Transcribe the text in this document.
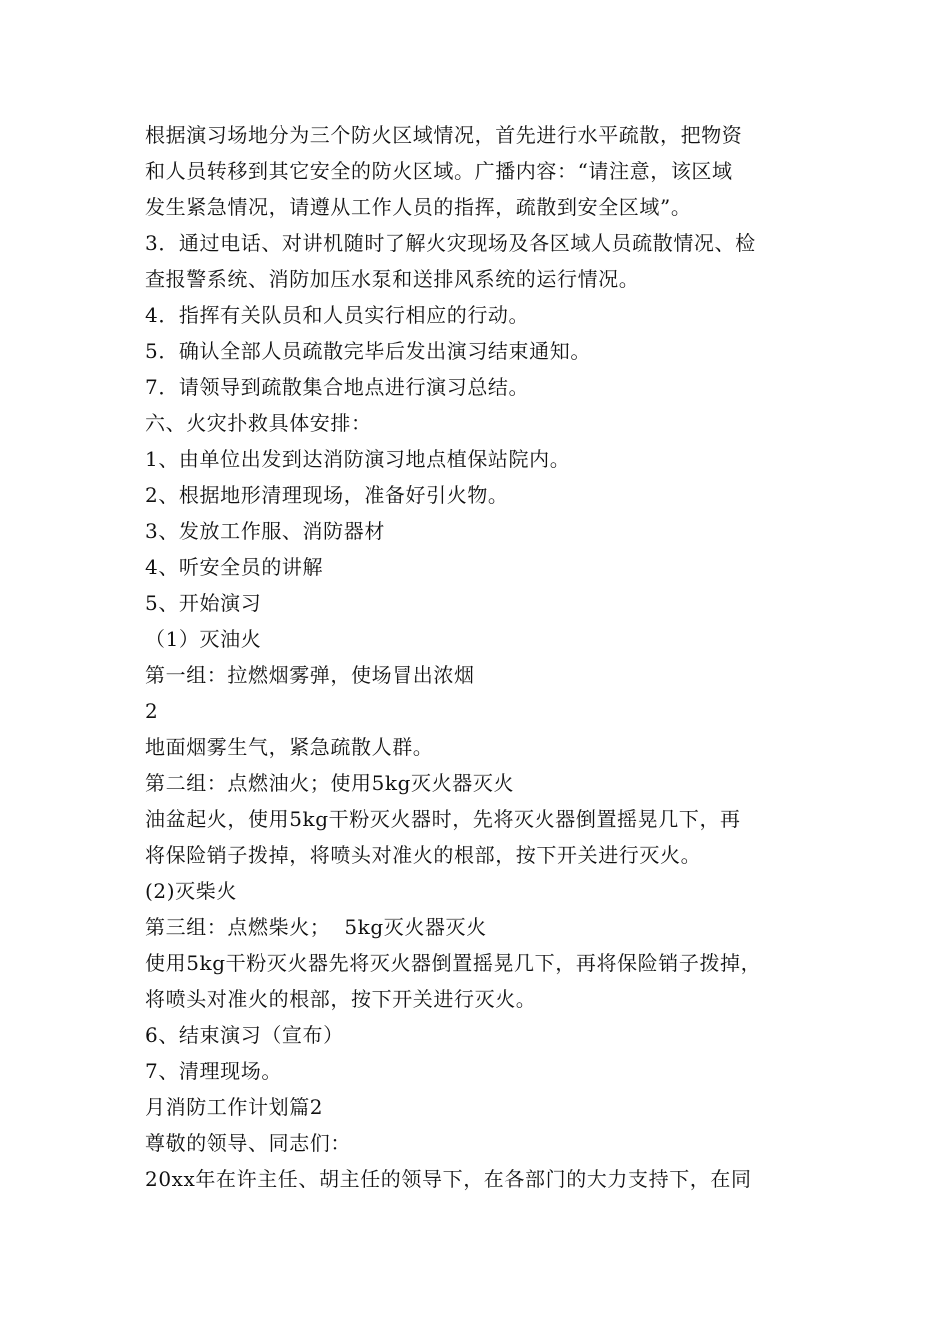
根据演习场地分为三个防火区域情况，首先进行水平疏散，把物资
和人员转移到其它安全的防火区域。广播内容：“请注意，该区域
发生紧急情况，请遵从工作人员的指挥，疏散到安全区域”。
3．通过电话、对讲机随时了解火灾现场及各区域人员疏散情况、检
查报警系统、消防加压水泵和送排风系统的运行情况。
4．指挥有关队员和人员实行相应的行动。
5．确认全部人员疏散完毕后发出演习结束通知。
7．请领导到疏散集合地点进行演习总结。
六、火灾扑救具体安排：
1、由单位出发到达消防演习地点植保站院内。
2、根据地形清理现场，准备好引火物。
3、发放工作服、消防器材
4、听安全员的讲解
5、开始演习
（1）灭油火
第一组：拉燃烟雾弹，使场冒出浓烟
2
地面烟雾生气，紧急疏散人群。
第二组：点燃油火；使用5kg灭火器灭火
油盆起火，使用5kg干粉灭火器时，先将灭火器倒置摇晃几下，再
将保险销子拨掉，将喷头对准火的根部，按下开关进行灭火。
(2)灭柴火
第三组：点燃柴火；  5kg灭火器灭火
使用5kg干粉灭火器先将灭火器倒置摇晃几下，再将保险销子拨掉，
将喷头对准火的根部，按下开关进行灭火。
6、结束演习（宣布）
7、清理现场。
月消防工作计划篇2
尊敬的领导、同志们：
20xx年在许主任、胡主任的领导下，在各部门的大力支持下，在同
